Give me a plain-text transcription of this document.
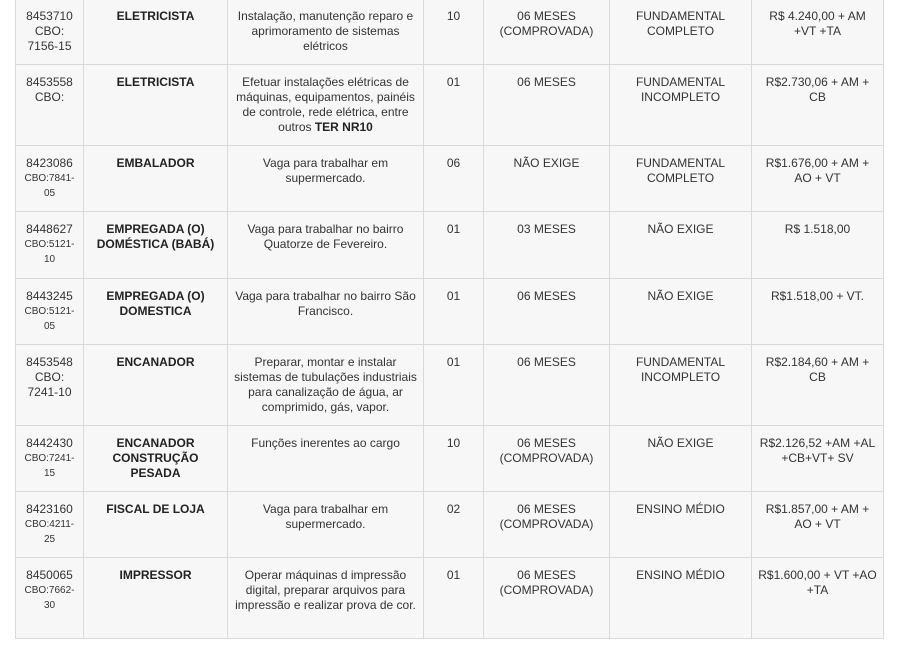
8453710
CBO: 7156-15	ELETRICISTA	Instalação, manutenção reparo e aprimoramento de sistemas elétricos	10	06 MESES (COMPROVADA)	FUNDAMENTAL COMPLETO	R$ 4.240,00 + AM +VT +TA

8453558
CBO:	ELETRICISTA	Efetuar instalações elétricas de máquinas, equipamentos, painéis de controle, rede elétrica, entre outros TER NR10	01	06 MESES	FUNDAMENTAL INCOMPLETO	R$2.730,06 + AM + CB

8423086
CBO:7841-05	EMBALADOR	Vaga para trabalhar em supermercado.	06	NÃO EXIGE	FUNDAMENTAL COMPLETO	R$1.676,00 + AM + AO + VT

8448627
CBO:5121-10	EMPREGADA (O) DOMÉSTICA (BABÁ)	Vaga para trabalhar no bairro Quatorze de Fevereiro.	01	03 MESES	NÃO EXIGE	R$ 1.518,00

8443245
CBO:5121-05	EMPREGADA (O) DOMESTICA	Vaga para trabalhar no bairro São Francisco.	01	06 MESES	NÃO EXIGE	R$1.518,00 + VT.

8453548
CBO: 7241-10	ENCANADOR	Preparar, montar e instalar sistemas de tubulações industriais para canalização de água, ar comprimido, gás, vapor.	01	06 MESES	FUNDAMENTAL INCOMPLETO	R$2.184,60 + AM + CB

8442430
CBO:7241-15	ENCANADOR CONSTRUÇÃO PESADA	Funções inerentes ao cargo	10	06 MESES (COMPROVADA)	NÃO EXIGE	R$2.126,52 +AM +AL +CB+VT+ SV

8423160
CBO:4211-25	FISCAL DE LOJA	Vaga para trabalhar em supermercado.	02	06 MESES (COMPROVADA)	ENSINO MÉDIO	R$1.857,00 + AM + AO + VT

8450065
CBO:7662-30	IMPRESSOR	Operar máquinas d impressão digital, preparar arquivos para impressão e realizar prova de cor.	01	06 MESES (COMPROVADA)	ENSINO MÉDIO	R$1.600,00 + VT +AO +TA
